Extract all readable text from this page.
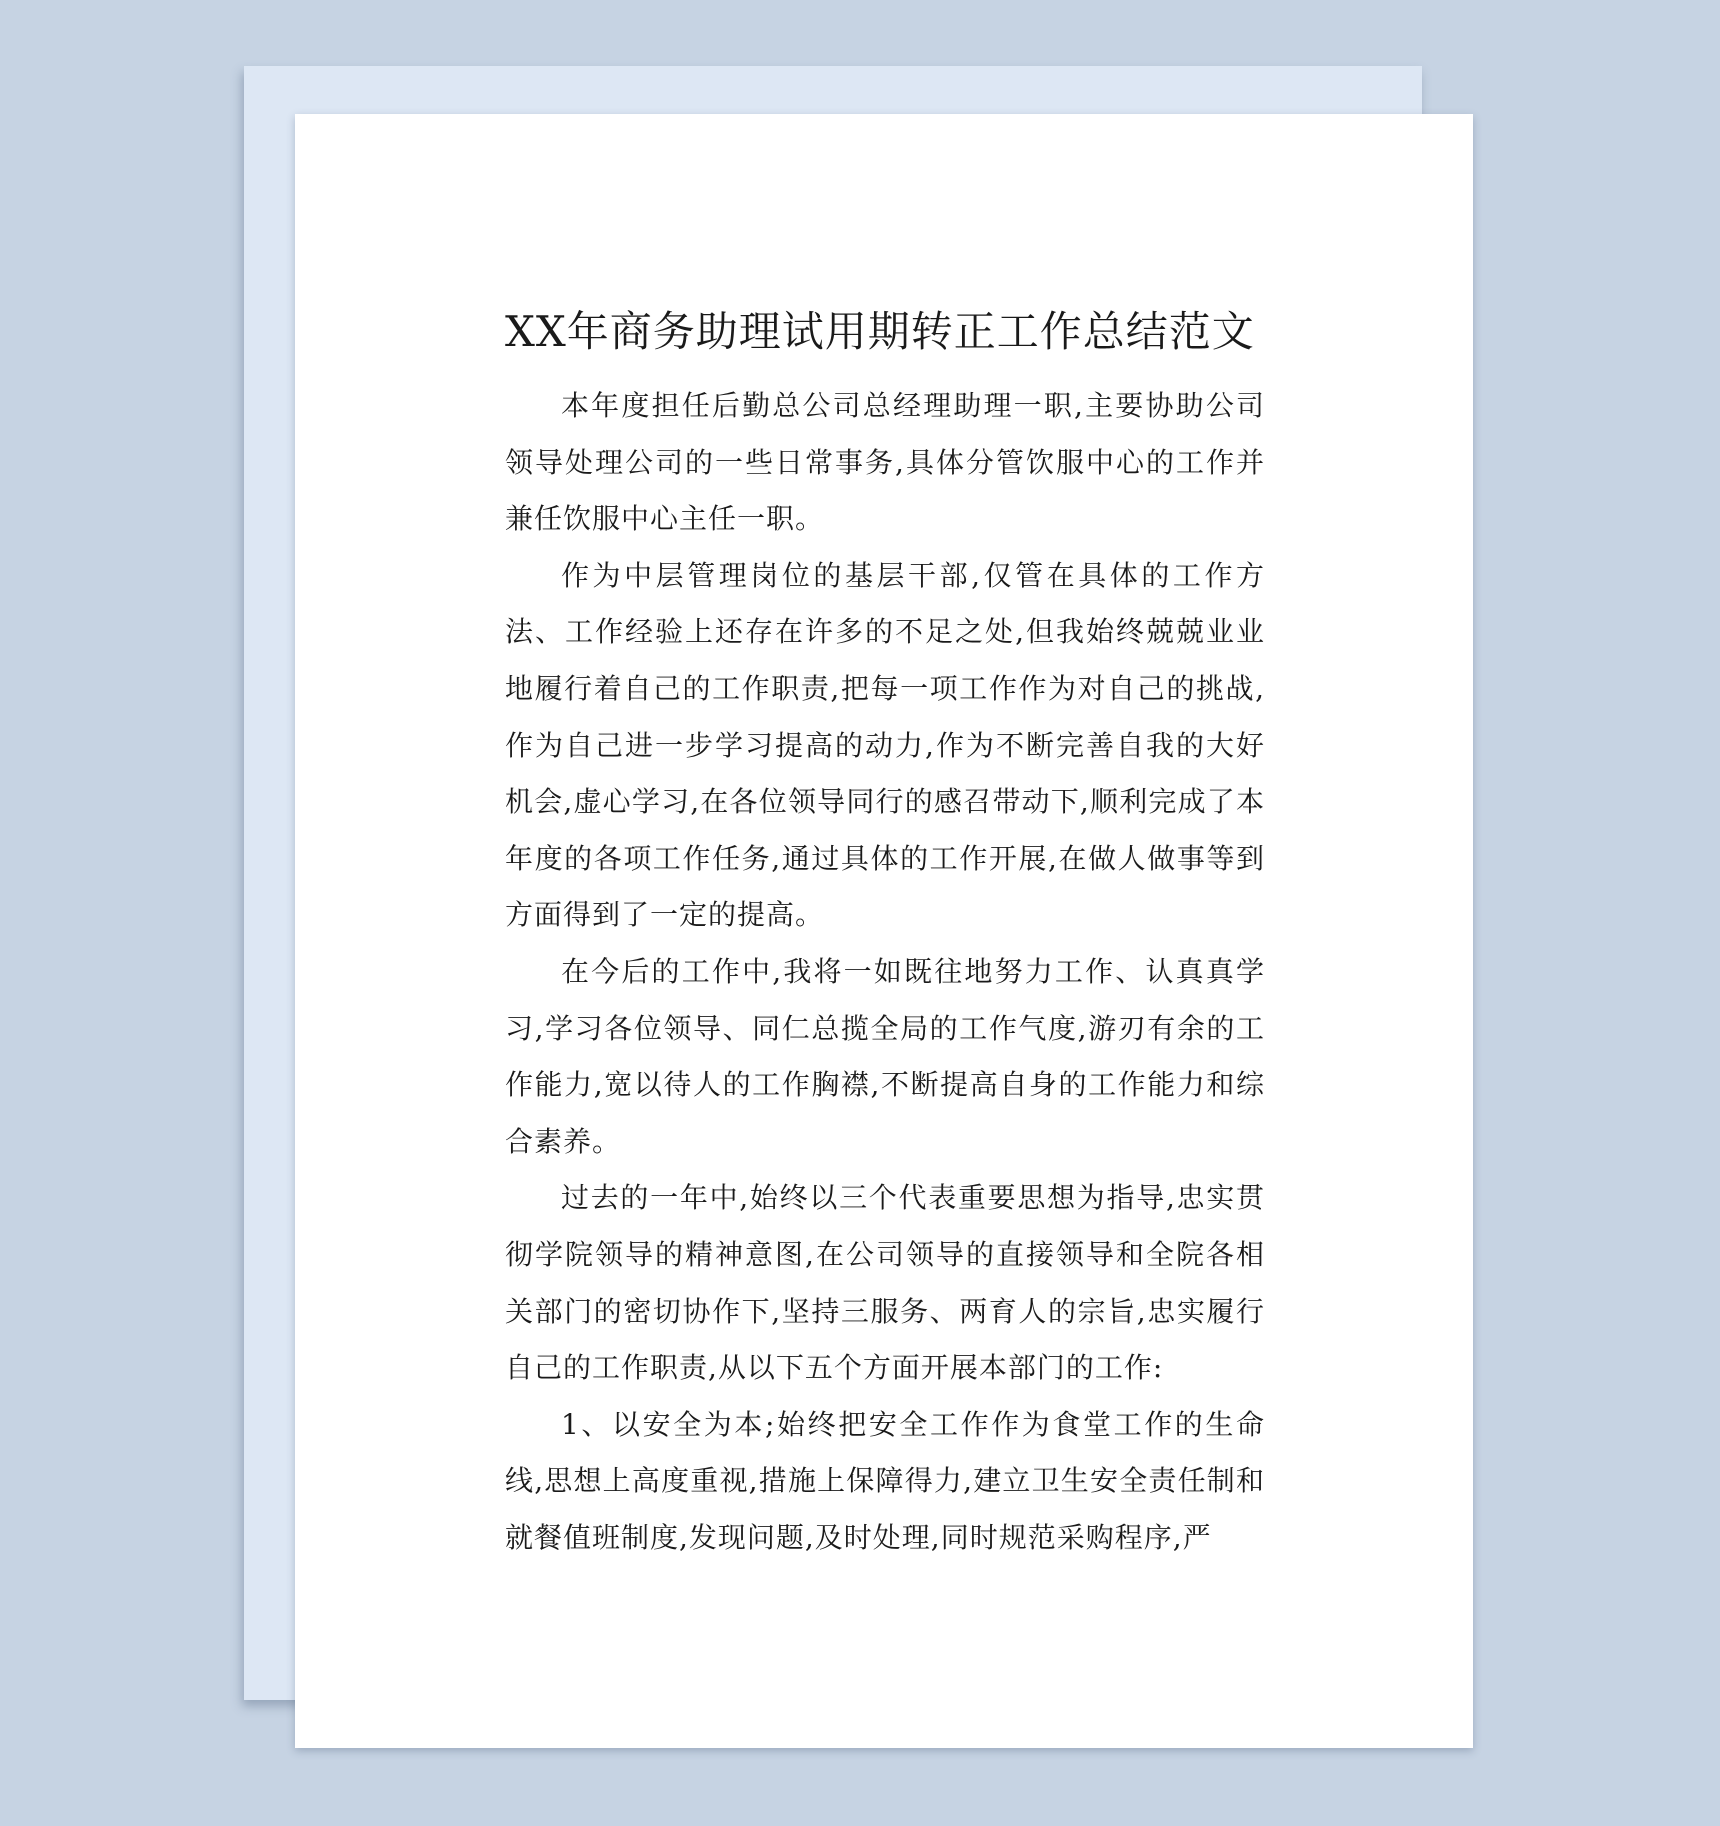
XX年商务助理试用期转正工作总结范文

本年度担任后勤总公司总经理助理一职,主要协助公司领导处理公司的一些日常事务,具体分管饮服中心的工作并兼任饮服中心主任一职。

作为中层管理岗位的基层干部,仅管在具体的工作方法、工作经验上还存在许多的不足之处,但我始终兢兢业业地履行着自己的工作职责,把每一项工作作为对自己的挑战,作为自己进一步学习提高的动力,作为不断完善自我的大好机会,虚心学习,在各位领导同行的感召带动下,顺利完成了本年度的各项工作任务,通过具体的工作开展,在做人做事等到方面得到了一定的提高。

在今后的工作中,我将一如既往地努力工作、认真真学习,学习各位领导、同仁总揽全局的工作气度,游刃有余的工作能力,宽以待人的工作胸襟,不断提高自身的工作能力和综合素养。

过去的一年中,始终以三个代表重要思想为指导,忠实贯彻学院领导的精神意图,在公司领导的直接领导和全院各相关部门的密切协作下,坚持三服务、两育人的宗旨,忠实履行自己的工作职责,从以下五个方面开展本部门的工作:

1、以安全为本;始终把安全工作作为食堂工作的生命线,思想上高度重视,措施上保障得力,建立卫生安全责任制和就餐值班制度,发现问题,及时处理,同时规范采购程序,严
